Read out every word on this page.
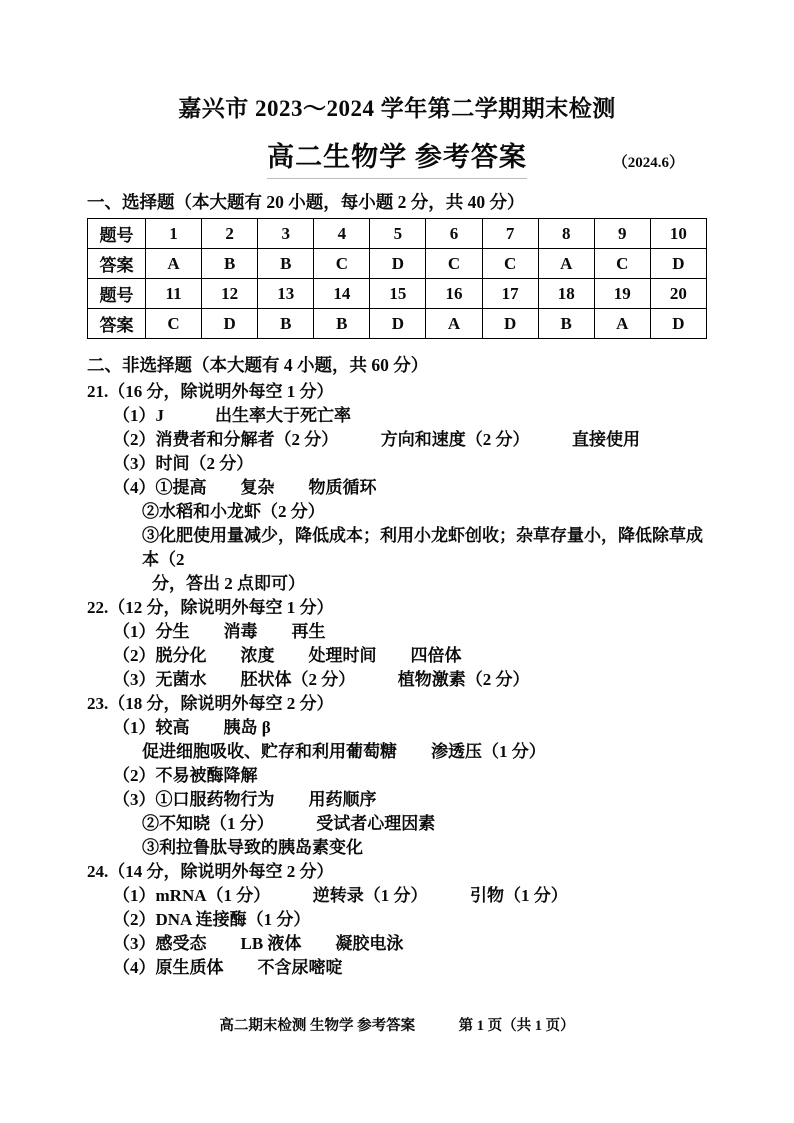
嘉兴市 2023～2024 学年第二学期期末检测
高二生物学 参考答案	（2024.6）
一、选择题（本大题有 20 小题，每小题 2 分，共 40 分）
题号	1	2	3	4	5	6	7	8	9	10
答案	A	B	B	C	D	C	C	A	C	D
题号	11	12	13	14	15	16	17	18	19	20
答案	C	D	B	B	D	A	D	B	A	D
二、非选择题（本大题有 4 小题，共 60 分）
21.（16 分，除说明外每空 1 分）
（1）J　　　出生率大于死亡率
（2）消费者和分解者（2 分）　　　方向和速度（2 分）　　　直接使用
（3）时间（2 分）
（4）①提高　　复杂　　物质循环
②水稻和小龙虾（2 分）
③化肥使用量减少，降低成本；利用小龙虾创收；杂草存量小，降低除草成本（2
分，答出 2 点即可）
22.（12 分，除说明外每空 1 分）
（1）分生　　消毒　　再生
（2）脱分化　　浓度　　处理时间　　四倍体
（3）无菌水　　胚状体（2 分）　　　植物激素（2 分）
23.（18 分，除说明外每空 2 分）
（1）较高　　胰岛 β
促进细胞吸收、贮存和利用葡萄糖　　渗透压（1 分）
（2）不易被酶降解
（3）①口服药物行为　　用药顺序
②不知晓（1 分）　　　受试者心理因素
③利拉鲁肽导致的胰岛素变化
24.（14 分，除说明外每空 2 分）
（1）mRNA（1 分）　　　逆转录（1 分）　　　引物（1 分）
（2）DNA 连接酶（1 分）
（3）感受态　　LB 液体　　凝胶电泳
（4）原生质体　　不含尿嘧啶
高二期末检测 生物学 参考答案　　　第 1 页（共 1 页）
